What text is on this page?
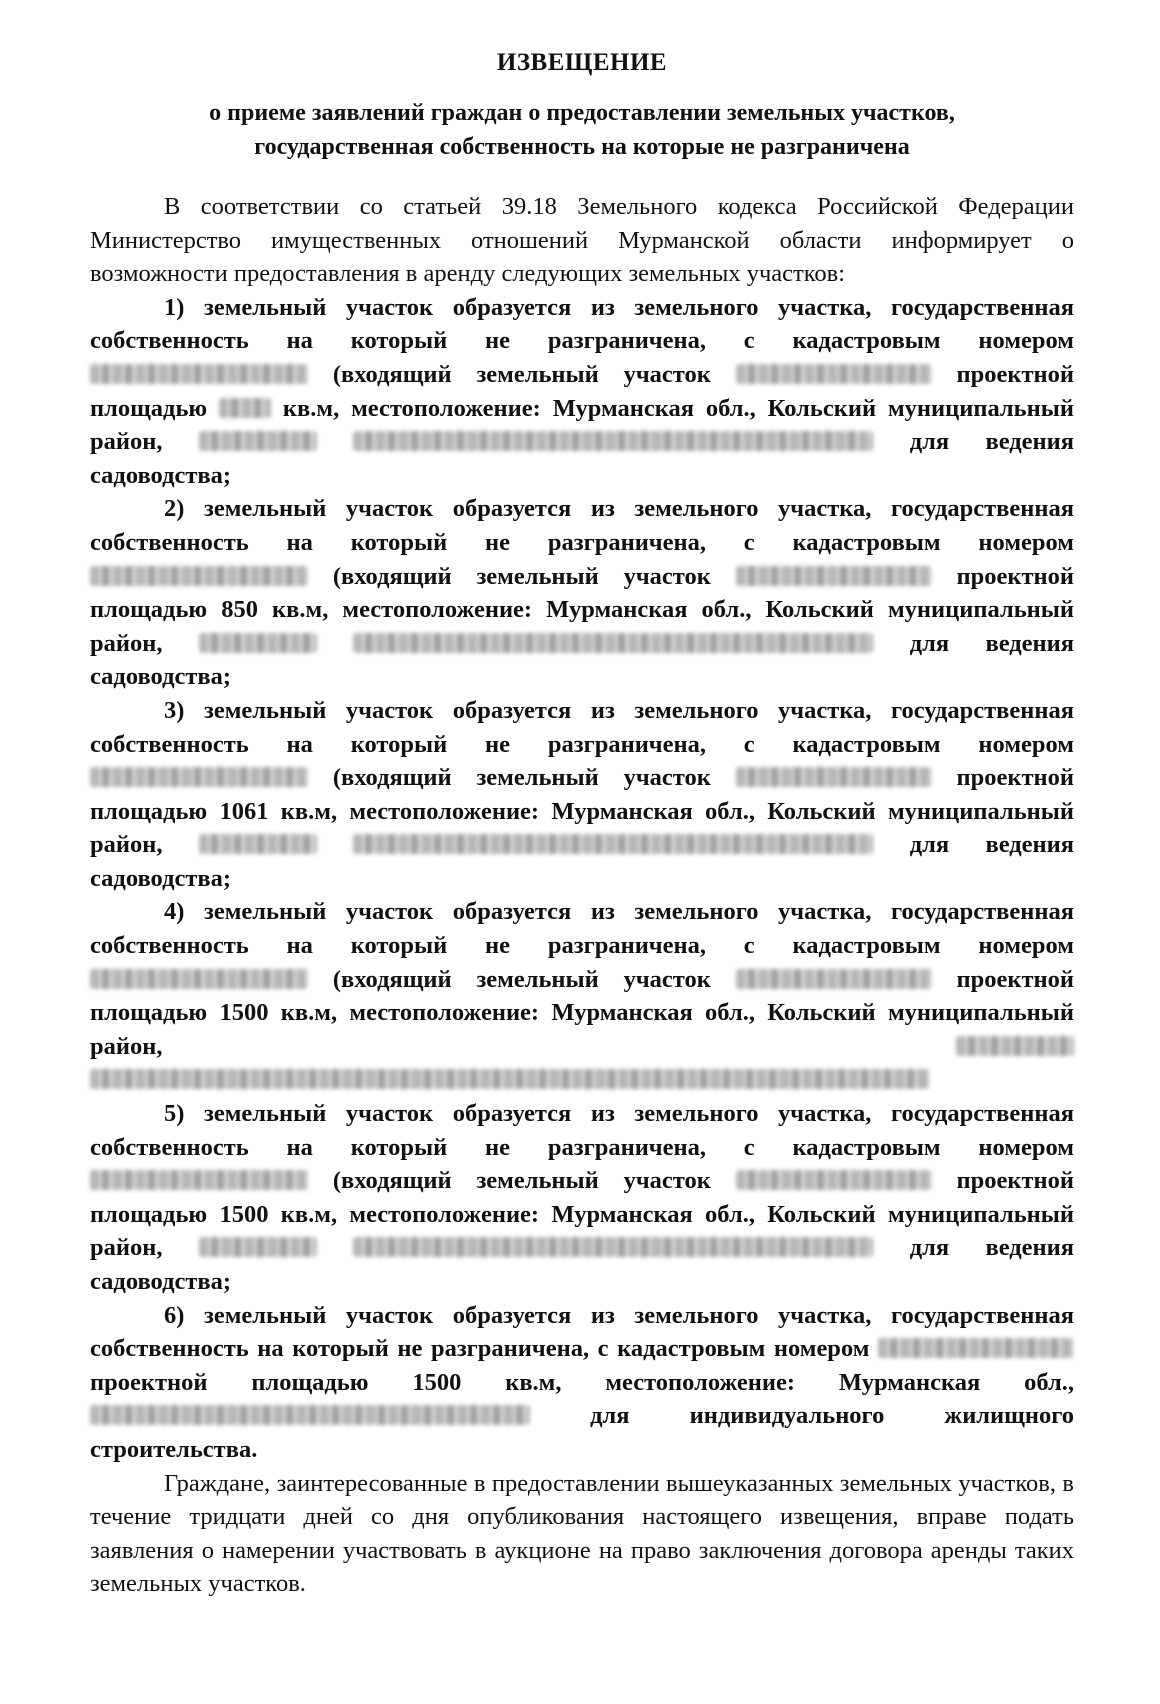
ИЗВЕЩЕНИЕ
о приеме заявлений граждан о предоставлении земельных участков,
государственная собственность на которые не разграничена

В соответствии со статьей 39.18 Земельного кодекса Российской Федерации Министерство имущественных отношений Мурманской области информирует о возможности предоставления в аренду следующих земельных участков:

1) земельный участок образуется из земельного участка, государственная собственность на который не разграничена, с кадастровым номером  (входящий земельный участок	проектной площадью	кв.м, местоположение: Мурманская обл., Кольский муниципальный район,	для ведения садоводства;

2) земельный участок образуется из земельного участка, государственная собственность на который не разграничена, с кадастровым номером  (входящий земельный участок	проектной площадью 850 кв.м, местоположение: Мурманская обл., Кольский муниципальный район,	для ведения садоводства;

3) земельный участок образуется из земельного участка, государственная собственность на который не разграничена, с кадастровым номером  (входящий земельный участок	проектной площадью 1061 кв.м, местоположение: Мурманская обл., Кольский муниципальный район,	для ведения садоводства;

4) земельный участок образуется из земельного участка, государственная собственность на который не разграничена, с кадастровым номером  (входящий земельный участок	проектной площадью 1500 кв.м, местоположение: Мурманская обл., Кольский муниципальный район,

5) земельный участок образуется из земельного участка, государственная собственность на который не разграничена, с кадастровым номером  (входящий земельный участок	проектной площадью 1500 кв.м, местоположение: Мурманская обл., Кольский муниципальный район,	для ведения садоводства;

6) земельный участок образуется из земельного участка, государственная собственность на который не разграничена, с кадастровым номером  проектной площадью 1500 кв.м, местоположение: Мурманская обл.,  для индивидуального жилищного строительства.

Граждане, заинтересованные в предоставлении вышеуказанных земельных участков, в течение тридцати дней со дня опубликования настоящего извещения, вправе подать заявления о намерении участвовать в аукционе на право заключения договора аренды таких земельных участков.
